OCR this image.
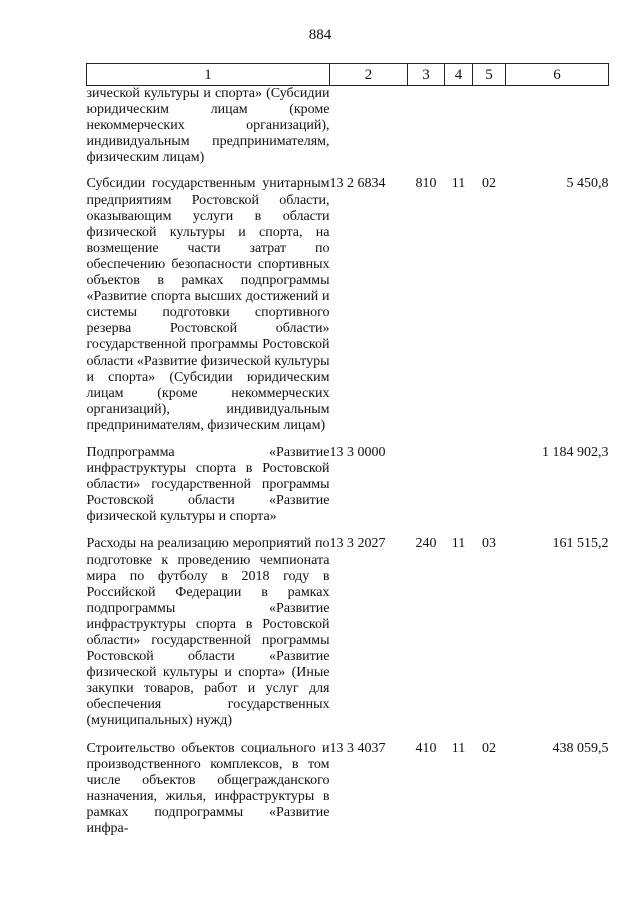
884
1	2	3	4	5	6
зической культуры и спорта» (Субсидии юридическим лицам (кроме некоммерческих организаций), индивидуальным предпринимателям, физическим лицам)					
Субсидии государственным унитарным предприятиям Ростовской области, оказывающим услуги в области физической культуры и спорта, на возмещение части затрат по обеспечению безопасности спортивных объектов в рамках подпрограммы «Развитие спорта высших достижений и системы подготовки спортивного резерва Ростовской области» государственной программы Ростовской области «Развитие физической культуры и спорта» (Субсидии юридическим лицам (кроме некоммерческих организаций), индивидуальным предпринимателям, физическим лицам)	13 2 6834	810	11	02	5 450,8
Подпрограмма «Развитие инфраструктуры спорта в Ростовской области» государственной программы Ростовской области «Развитие физической культуры и спорта»	13 3 0000				1 184 902,3
Расходы на реализацию мероприятий по подготовке к проведению чемпионата мира по футболу в 2018 году в Российской Федерации в рамках подпрограммы «Развитие инфраструктуры спорта в Ростовской области» государственной программы Ростовской области «Развитие физической культуры и спорта» (Иные закупки товаров, работ и услуг для обеспечения государственных (муниципальных) нужд)	13 3 2027	240	11	03	161 515,2
Строительство объектов социального и производственного комплексов, в том числе объектов общегражданского назначения, жилья, инфраструктуры в рамках подпрограммы «Развитие инфра-	13 3 4037	410	11	02	438 059,5
